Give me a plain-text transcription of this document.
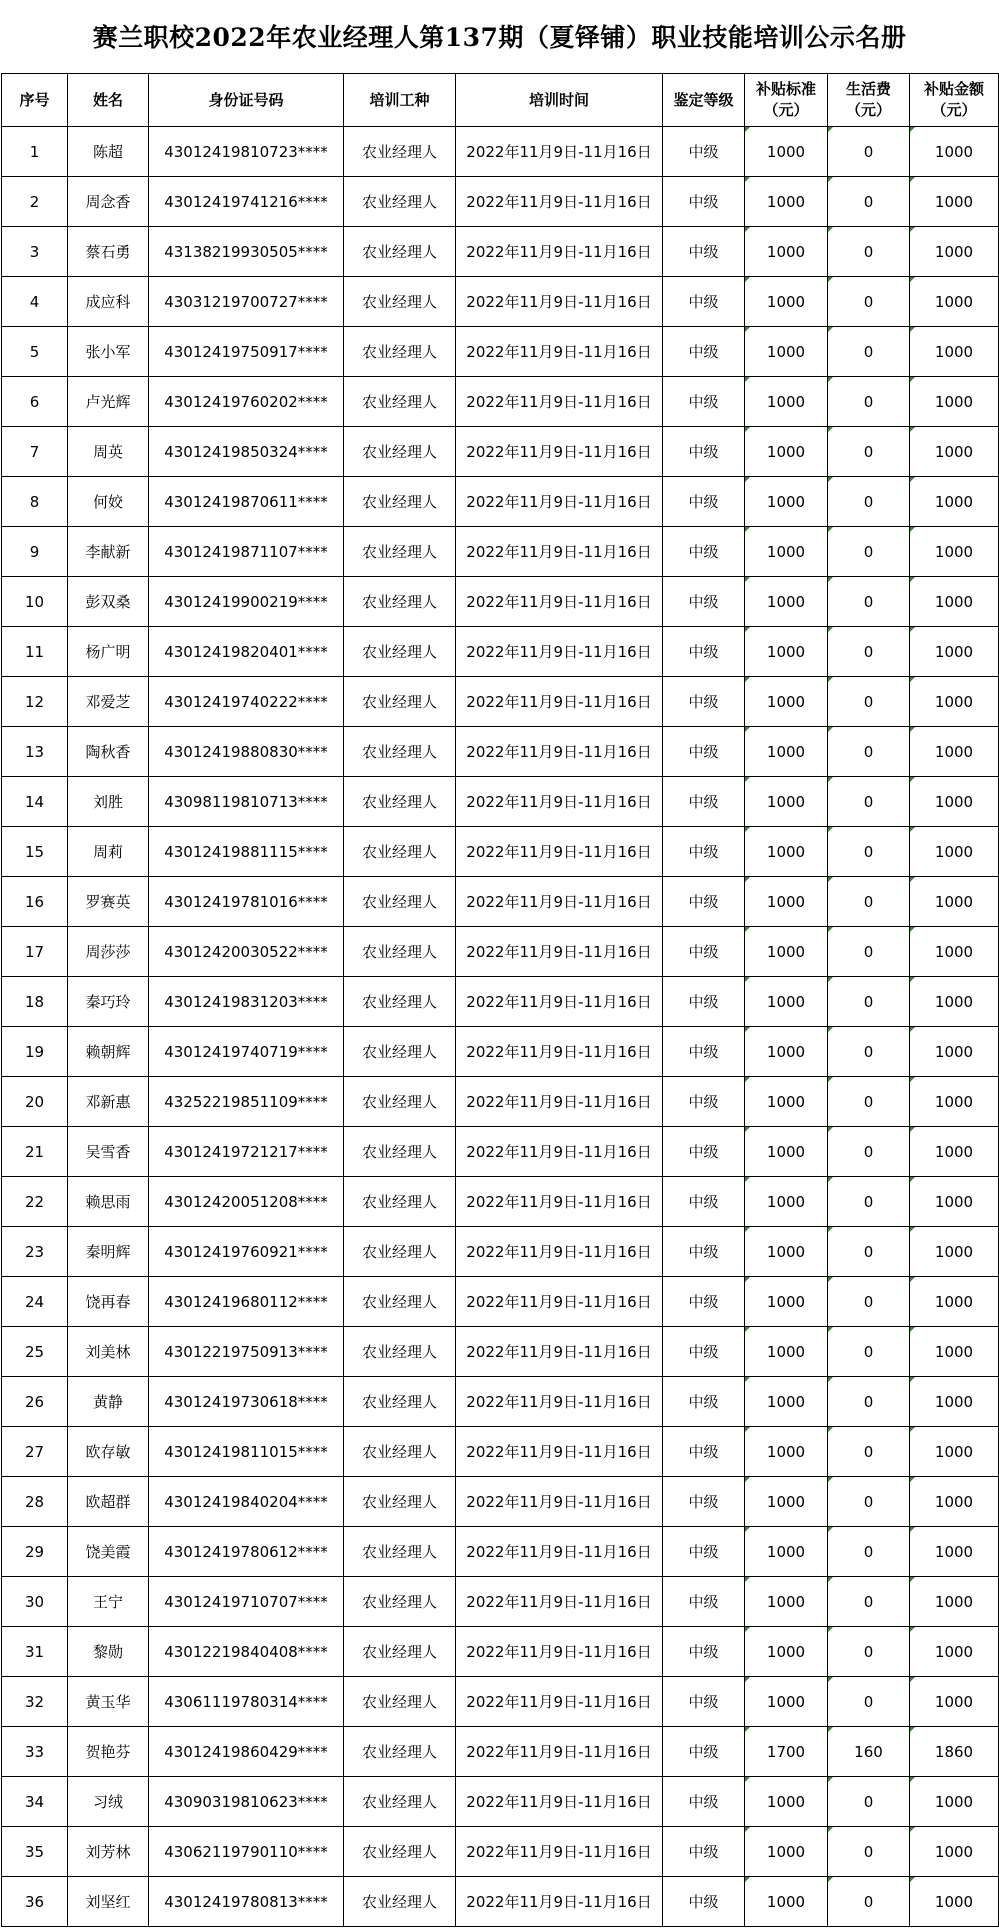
赛兰职校2022年农业经理人第137期（夏铎铺）职业技能培训公示名册
序号	姓名	身份证号码	培训工种	培训时间	鉴定等级	补贴标准（元）	生活费（元）	补贴金额（元）
1	陈超	43012419810723****	农业经理人	2022年11月9日-11月16日	中级	1000	0	1000
2	周念香	43012419741216****	农业经理人	2022年11月9日-11月16日	中级	1000	0	1000
3	蔡石勇	43138219930505****	农业经理人	2022年11月9日-11月16日	中级	1000	0	1000
4	成应科	43031219700727****	农业经理人	2022年11月9日-11月16日	中级	1000	0	1000
5	张小军	43012419750917****	农业经理人	2022年11月9日-11月16日	中级	1000	0	1000
6	卢光辉	43012419760202****	农业经理人	2022年11月9日-11月16日	中级	1000	0	1000
7	周英	43012419850324****	农业经理人	2022年11月9日-11月16日	中级	1000	0	1000
8	何姣	43012419870611****	农业经理人	2022年11月9日-11月16日	中级	1000	0	1000
9	李献新	43012419871107****	农业经理人	2022年11月9日-11月16日	中级	1000	0	1000
10	彭双桑	43012419900219****	农业经理人	2022年11月9日-11月16日	中级	1000	0	1000
11	杨广明	43012419820401****	农业经理人	2022年11月9日-11月16日	中级	1000	0	1000
12	邓爱芝	43012419740222****	农业经理人	2022年11月9日-11月16日	中级	1000	0	1000
13	陶秋香	43012419880830****	农业经理人	2022年11月9日-11月16日	中级	1000	0	1000
14	刘胜	43098119810713****	农业经理人	2022年11月9日-11月16日	中级	1000	0	1000
15	周莉	43012419881115****	农业经理人	2022年11月9日-11月16日	中级	1000	0	1000
16	罗赛英	43012419781016****	农业经理人	2022年11月9日-11月16日	中级	1000	0	1000
17	周莎莎	43012420030522****	农业经理人	2022年11月9日-11月16日	中级	1000	0	1000
18	秦巧玲	43012419831203****	农业经理人	2022年11月9日-11月16日	中级	1000	0	1000
19	赖朝辉	43012419740719****	农业经理人	2022年11月9日-11月16日	中级	1000	0	1000
20	邓新惠	43252219851109****	农业经理人	2022年11月9日-11月16日	中级	1000	0	1000
21	吴雪香	43012419721217****	农业经理人	2022年11月9日-11月16日	中级	1000	0	1000
22	赖思雨	43012420051208****	农业经理人	2022年11月9日-11月16日	中级	1000	0	1000
23	秦明辉	43012419760921****	农业经理人	2022年11月9日-11月16日	中级	1000	0	1000
24	饶再春	43012419680112****	农业经理人	2022年11月9日-11月16日	中级	1000	0	1000
25	刘美林	43012219750913****	农业经理人	2022年11月9日-11月16日	中级	1000	0	1000
26	黄静	43012419730618****	农业经理人	2022年11月9日-11月16日	中级	1000	0	1000
27	欧存敏	43012419811015****	农业经理人	2022年11月9日-11月16日	中级	1000	0	1000
28	欧超群	43012419840204****	农业经理人	2022年11月9日-11月16日	中级	1000	0	1000
29	饶美霞	43012419780612****	农业经理人	2022年11月9日-11月16日	中级	1000	0	1000
30	王宁	43012419710707****	农业经理人	2022年11月9日-11月16日	中级	1000	0	1000
31	黎勋	43012219840408****	农业经理人	2022年11月9日-11月16日	中级	1000	0	1000
32	黄玉华	43061119780314****	农业经理人	2022年11月9日-11月16日	中级	1000	0	1000
33	贺艳芬	43012419860429****	农业经理人	2022年11月9日-11月16日	中级	1700	160	1860
34	习绒	43090319810623****	农业经理人	2022年11月9日-11月16日	中级	1000	0	1000
35	刘芳林	43062119790110****	农业经理人	2022年11月9日-11月16日	中级	1000	0	1000
36	刘坚红	43012419780813****	农业经理人	2022年11月9日-11月16日	中级	1000	0	1000
